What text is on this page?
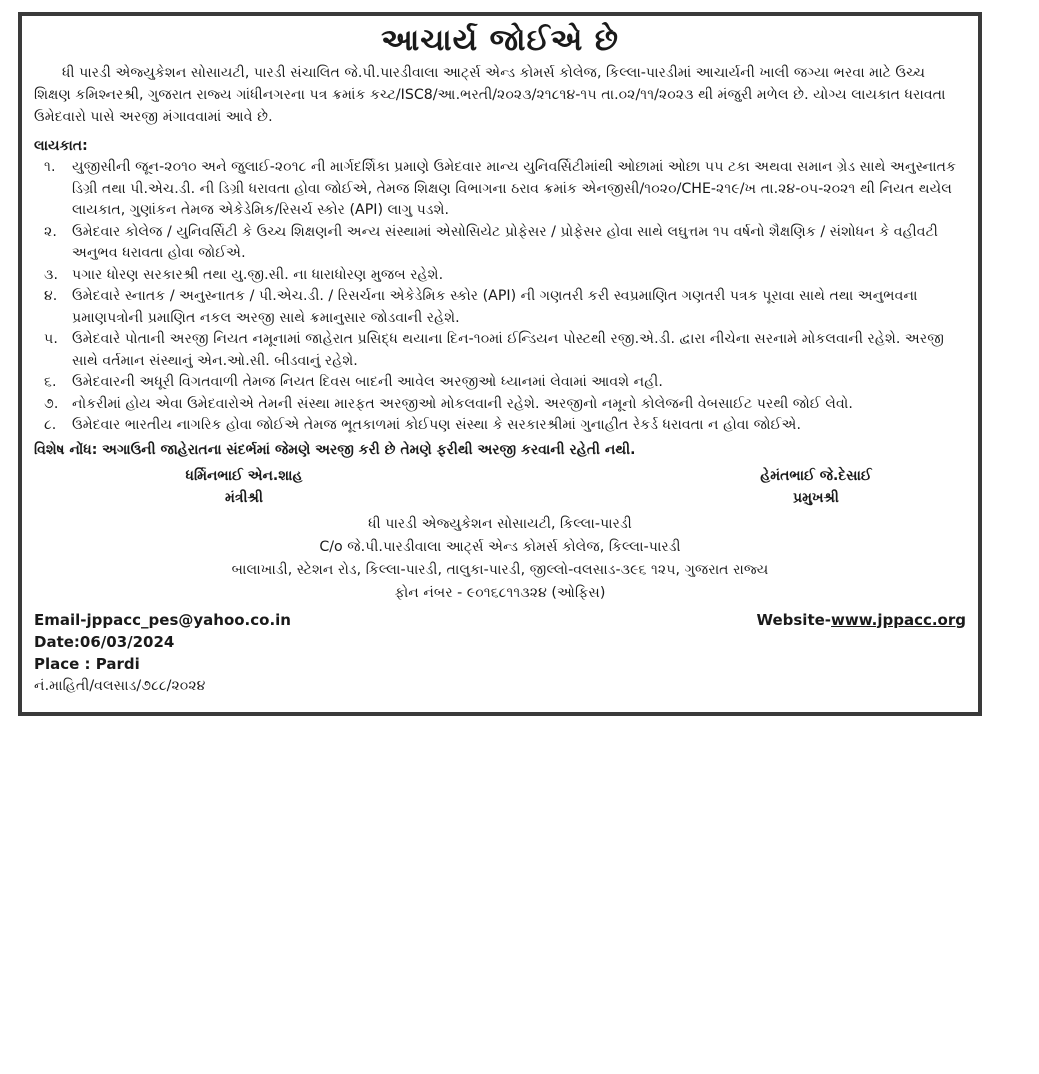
આચાર્ય જોઈએ છે

ધી પારડી એજ્યુકેશન સોસાયટી, પારડી સંચાલિત જે.પી.પારડીવાલા આર્ટ્સ એન્ડ કોમર્સ કોલેજ, કિલ્લા-પારડીમાં આચાર્યની ખાલી જગ્યા ભરવા માટે ઉચ્ચ શિક્ષણ કમિશ્નરશ્રી, ગુજરાત રાજ્ય ગાંધીનગરના પત્ર ક્રમાંક કચ્ટ/ISC8/આ.ભરતી/૨૦૨૩/૨૧૮૧૪-૧૫ તા.૦૨/૧૧/૨૦૨૩ થી મંજુરી મળેલ છે. યોગ્ય લાયકાત ધરાવતા ઉમેદવારો પાસે અરજી મંગાવવામાં આવે છે.

લાયકાત:
૧.	યુજીસીની જૂન-૨૦૧૦ અને જુલાઈ-૨૦૧૮ ની માર્ગદર્શિકા પ્રમાણે ઉમેદવાર માન્ય યુનિવર્સિટીમાંથી ઓછામાં ઓછા ૫૫ ટકા અથવા સમાન ગ્રેડ સાથે અનુસ્નાતક ડિગ્રી તથા પી.એચ.ડી. ની ડિગ્રી ધરાવતા હોવા જોઈએ, તેમજ શિક્ષણ વિભાગના ઠરાવ ક્રમાંક એનજીસી/૧૦૨૦/CHE-૨૧૯/ખ તા.૨૪-૦૫-૨૦૨૧ થી નિયત થયેલ લાયકાત, ગુણાંકન તેમજ એકેડેમિક/રિસર્ચ સ્કોર (API) લાગુ પડશે.
૨.	ઉમેદવાર કોલેજ / યુનિવર્સિટી કે ઉચ્ચ શિક્ષણની અન્ય સંસ્થામાં એસોસિયેટ પ્રોફેસર / પ્રોફેસર હોવા સાથે લઘુત્તમ ૧૫ વર્ષનો શૈક્ષણિક / સંશોધન કે વહીવટી અનુભવ ધરાવતા હોવા જોઈએ.
૩. પગાર ધોરણ સરકારશ્રી તથા યુ.જી.સી. ના ધારાધોરણ મુજબ રહેશે.
૪.	ઉમેદવારે સ્નાતક / અનુસ્નાતક / પી.એચ.ડી. / રિસર્ચના એકેડેમિક સ્કોર (API) ની ગણતરી કરી સ્વપ્રમાણિત ગણતરી પત્રક પૂરાવા સાથે તથા અનુભવના પ્રમાણપત્રોની પ્રમાણિત નકલ અરજી સાથે ક્રમાનુસાર જોડવાની રહેશે.
૫. ઉમેદવારે પોતાની અરજી નિયત નમૂનામાં જાહેરાત પ્રસિદ્ધ થયાના દિન-૧૦માં ઈન્ડિયન પોસ્ટથી રજી.એ.ડી. દ્વારા નીચેના સરનામે મોકલવાની રહેશે. અરજી સાથે વર્તમાન સંસ્થાનું એન.ઓ.સી. બીડવાનું રહેશે.
૬.	ઉમેદવારની અધૂરી વિગતવાળી તેમજ નિયત દિવસ બાદની આવેલ અરજીઓ ધ્યાનમાં લેવામાં આવશે નહી.
૭. નોકરીમાં હોય એવા ઉમેદવારોએ તેમની સંસ્થા મારફત અરજીઓ મોકલવાની રહેશે. અરજીનો નમૂનો કોલેજની વેબસાઈટ પરથી જોઈ લેવો.
૮.	ઉમેદવાર ભારતીય નાગરિક હોવા જોઈએ તેમજ ભૂતકાળમાં કોઈપણ સંસ્થા કે સરકારશ્રીમાં ગુનાહીત રેકર્ડ ધરાવતા ન હોવા જોઈએ.
વિશેષ નોંધ: અગાઉની જાહેરાતના સંદર્ભમાં જેમણે અરજી કરી છે તેમણે ફરીથી અરજી કરવાની રહેતી નથી.
ધર્મિનભાઈ એન.શાહ
મંત્રીશ્રી
હેમંતભાઈ જે.દેસાઈ
પ્રમુખશ્રી
ધી પારડી એજ્યુકેશન સોસાયટી, કિલ્લા-પારડી
C/o જે.પી.પારડીવાલા આર્ટ્સ એન્ડ કોમર્સ કોલેજ, કિલ્લા-પારડી
બાલાખાડી, સ્ટેશન રોડ, કિલ્લા-પારડી, તાલુકા-પારડી, જીલ્લો-વલસાડ-૩૯૬ ૧૨૫, ગુજરાત રાજ્ય
ફોન નંબર - ૯૦૧૬૮૧૧૩૨૪ (ઓફિસ)
Email-jppacc_pes@yahoo.co.in	Website-www.jppacc.org
Date:06/03/2024
Place : Pardi
નં.માહિતી/વલસાડ/૭૮૮/૨૦૨૪
